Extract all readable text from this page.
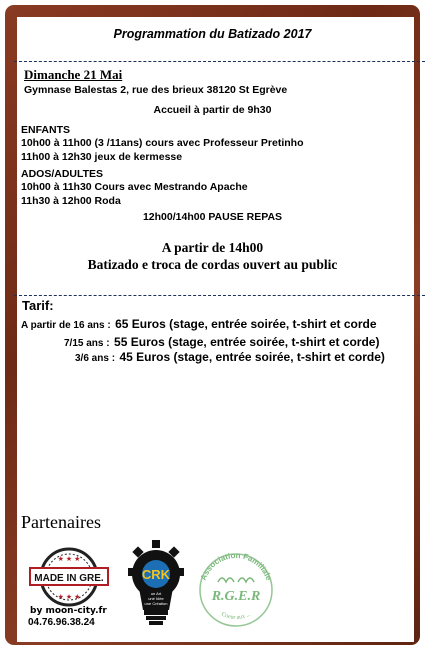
Programmation du Batizado 2017
Dimanche 21 Mai
Gymnase Balestas 2, rue des brieux 38120 St Egrève
Accueil à partir de 9h30
ENFANTS
10h00 à 11h00 (3 /11ans) cours avec Professeur Pretinho
11h00 à 12h30 jeux de kermesse
ADOS/ADULTES
10h00 à 11h30 Cours avec Mestrando Apache
11h30 à 12h00 Roda
12h00/14h00 PAUSE REPAS
A partir de 14h00
Batizado e troca de cordas ouvert au public
Tarif:
A partir de 16 ans : 65 Euros (stage, entrée soirée, t-shirt et corde
7/15 ans : 55 Euros (stage, entrée soirée, t-shirt et corde)
3/6 ans : 45 Euros (stage, entrée soirée, t-shirt et corde)
Partenaires
MADE IN GRE.
★ ★ ★
★ ★ ★
by moon-city.fr
04.76.96.38.24
CRK
un Art
une Idée
une Création
Association Familiale
Coeur aux ...
R.G.E.R
